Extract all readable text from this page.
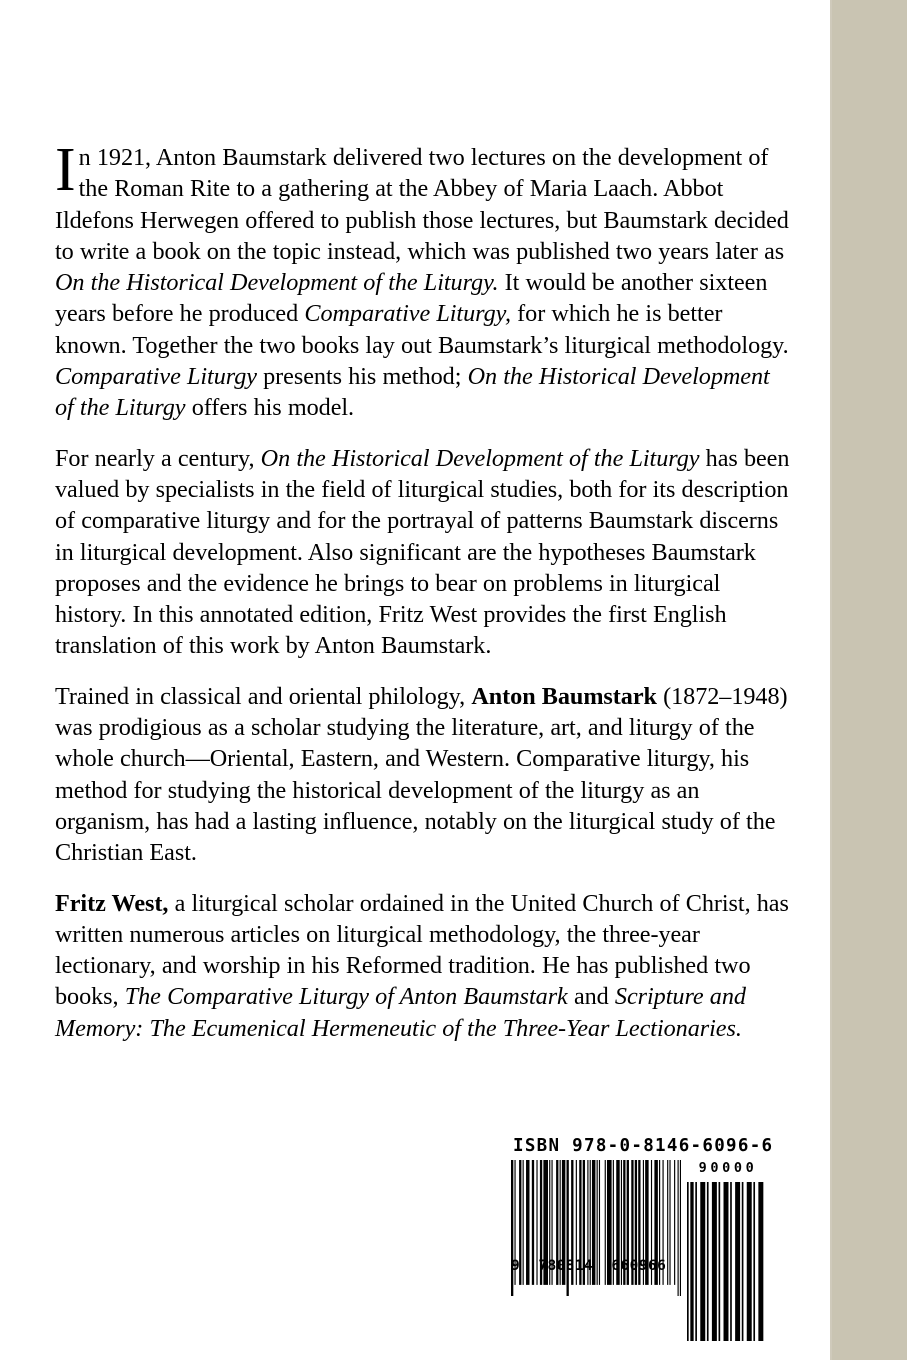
In 1921, Anton Baumstark delivered two lectures on the development of the Roman Rite to a gathering at the Abbey of Maria Laach. Abbot Ildefons Herwegen offered to publish those lectures, but Baumstark decided to write a book on the topic instead, which was published two years later as On the Historical Development of the Liturgy. It would be another sixteen years before he produced Comparative Liturgy, for which he is better known. Together the two books lay out Baumstark’s liturgical methodology. Comparative Liturgy presents his method; On the Historical Development of the Liturgy offers his model.

For nearly a century, On the Historical Development of the Liturgy has been valued by specialists in the field of liturgical studies, both for its description of comparative liturgy and for the portrayal of patterns Baumstark discerns in liturgical development. Also significant are the hypotheses Baumstark proposes and the evidence he brings to bear on problems in liturgical history. In this annotated edition, Fritz West provides the first English translation of this work by Anton Baumstark.

Trained in classical and oriental philology, Anton Baumstark (1872–1948) was prodigious as a scholar studying the literature, art, and liturgy of the whole church—Oriental, Eastern, and Western. Comparative liturgy, his method for studying the historical development of the liturgy as an organism, has had a lasting influence, notably on the liturgical study of the Christian East.

Fritz West, a liturgical scholar ordained in the United Church of Christ, has written numerous articles on liturgical methodology, the three-year lectionary, and worship in his Reformed tradition. He has published two books, The Comparative Liturgy of Anton Baumstark and Scripture and Memory: The Ecumenical Hermeneutic of the Three-Year Lectionaries.

ISBN 978-0-8146-6096-6
90000
9  780814  660966
